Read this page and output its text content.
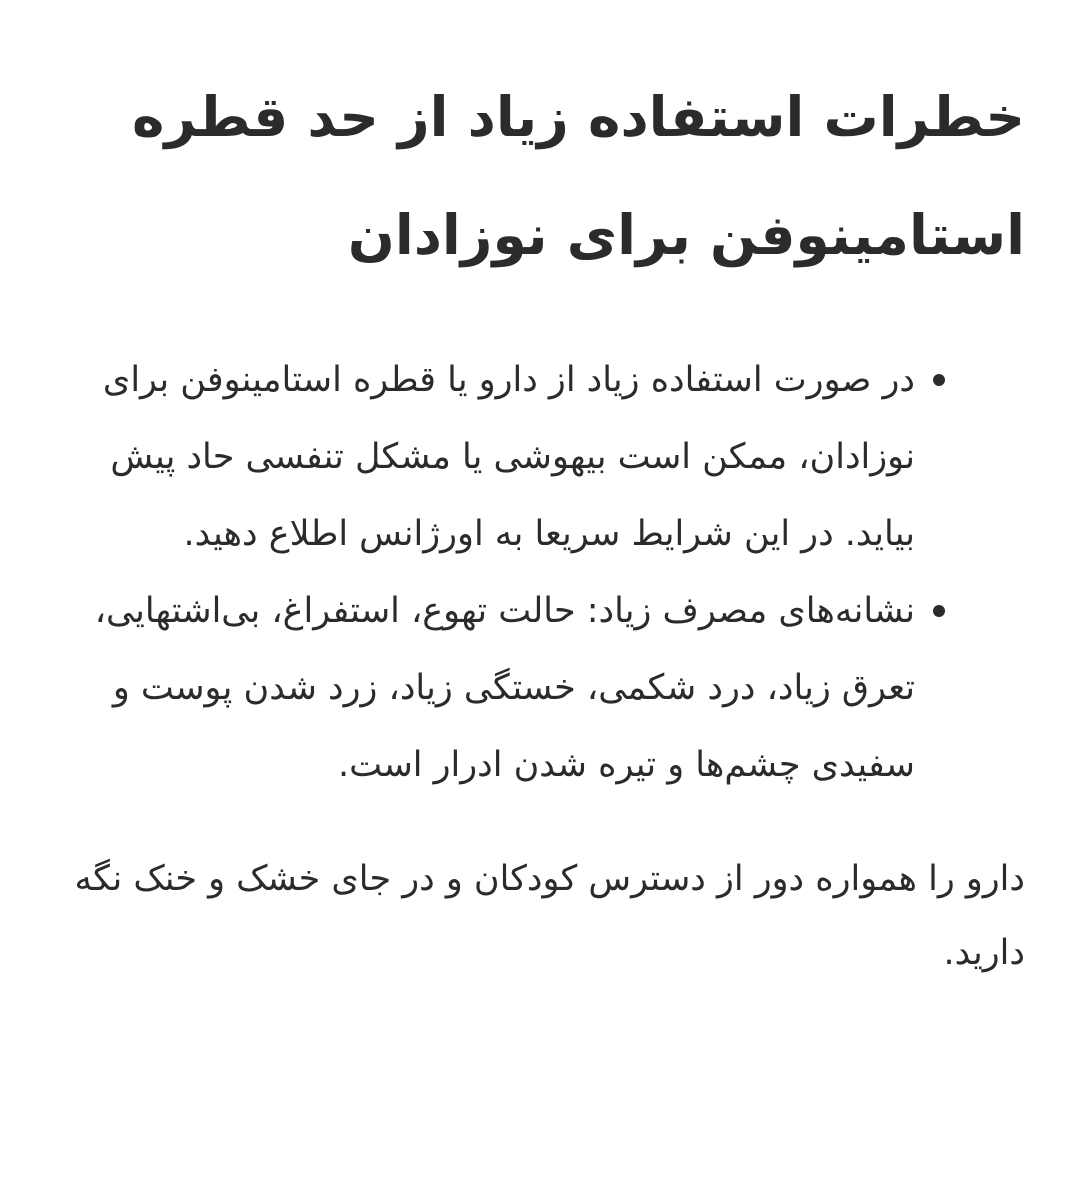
خطرات استفاده زیاد از حد قطره استامینوفن برای نوزادان
در صورت استفاده زیاد از دارو یا قطره استامینوفن برای نوزادان، ممکن است بیهوشی یا مشکل تنفسی حاد پیش بیاید. در این شرایط سریعا به اورژانس اطلاع دهید.
نشانه‌های مصرف زیاد: حالت تهوع، استفراغ، بی‌اشتهایی، تعرق زیاد، درد شکمی، خستگی زیاد، زرد شدن پوست و سفیدی چشم‌ها و تیره شدن ادرار است.

دارو را همواره دور از دسترس کودکان و در جای خشک و خنک نگه دارید.
